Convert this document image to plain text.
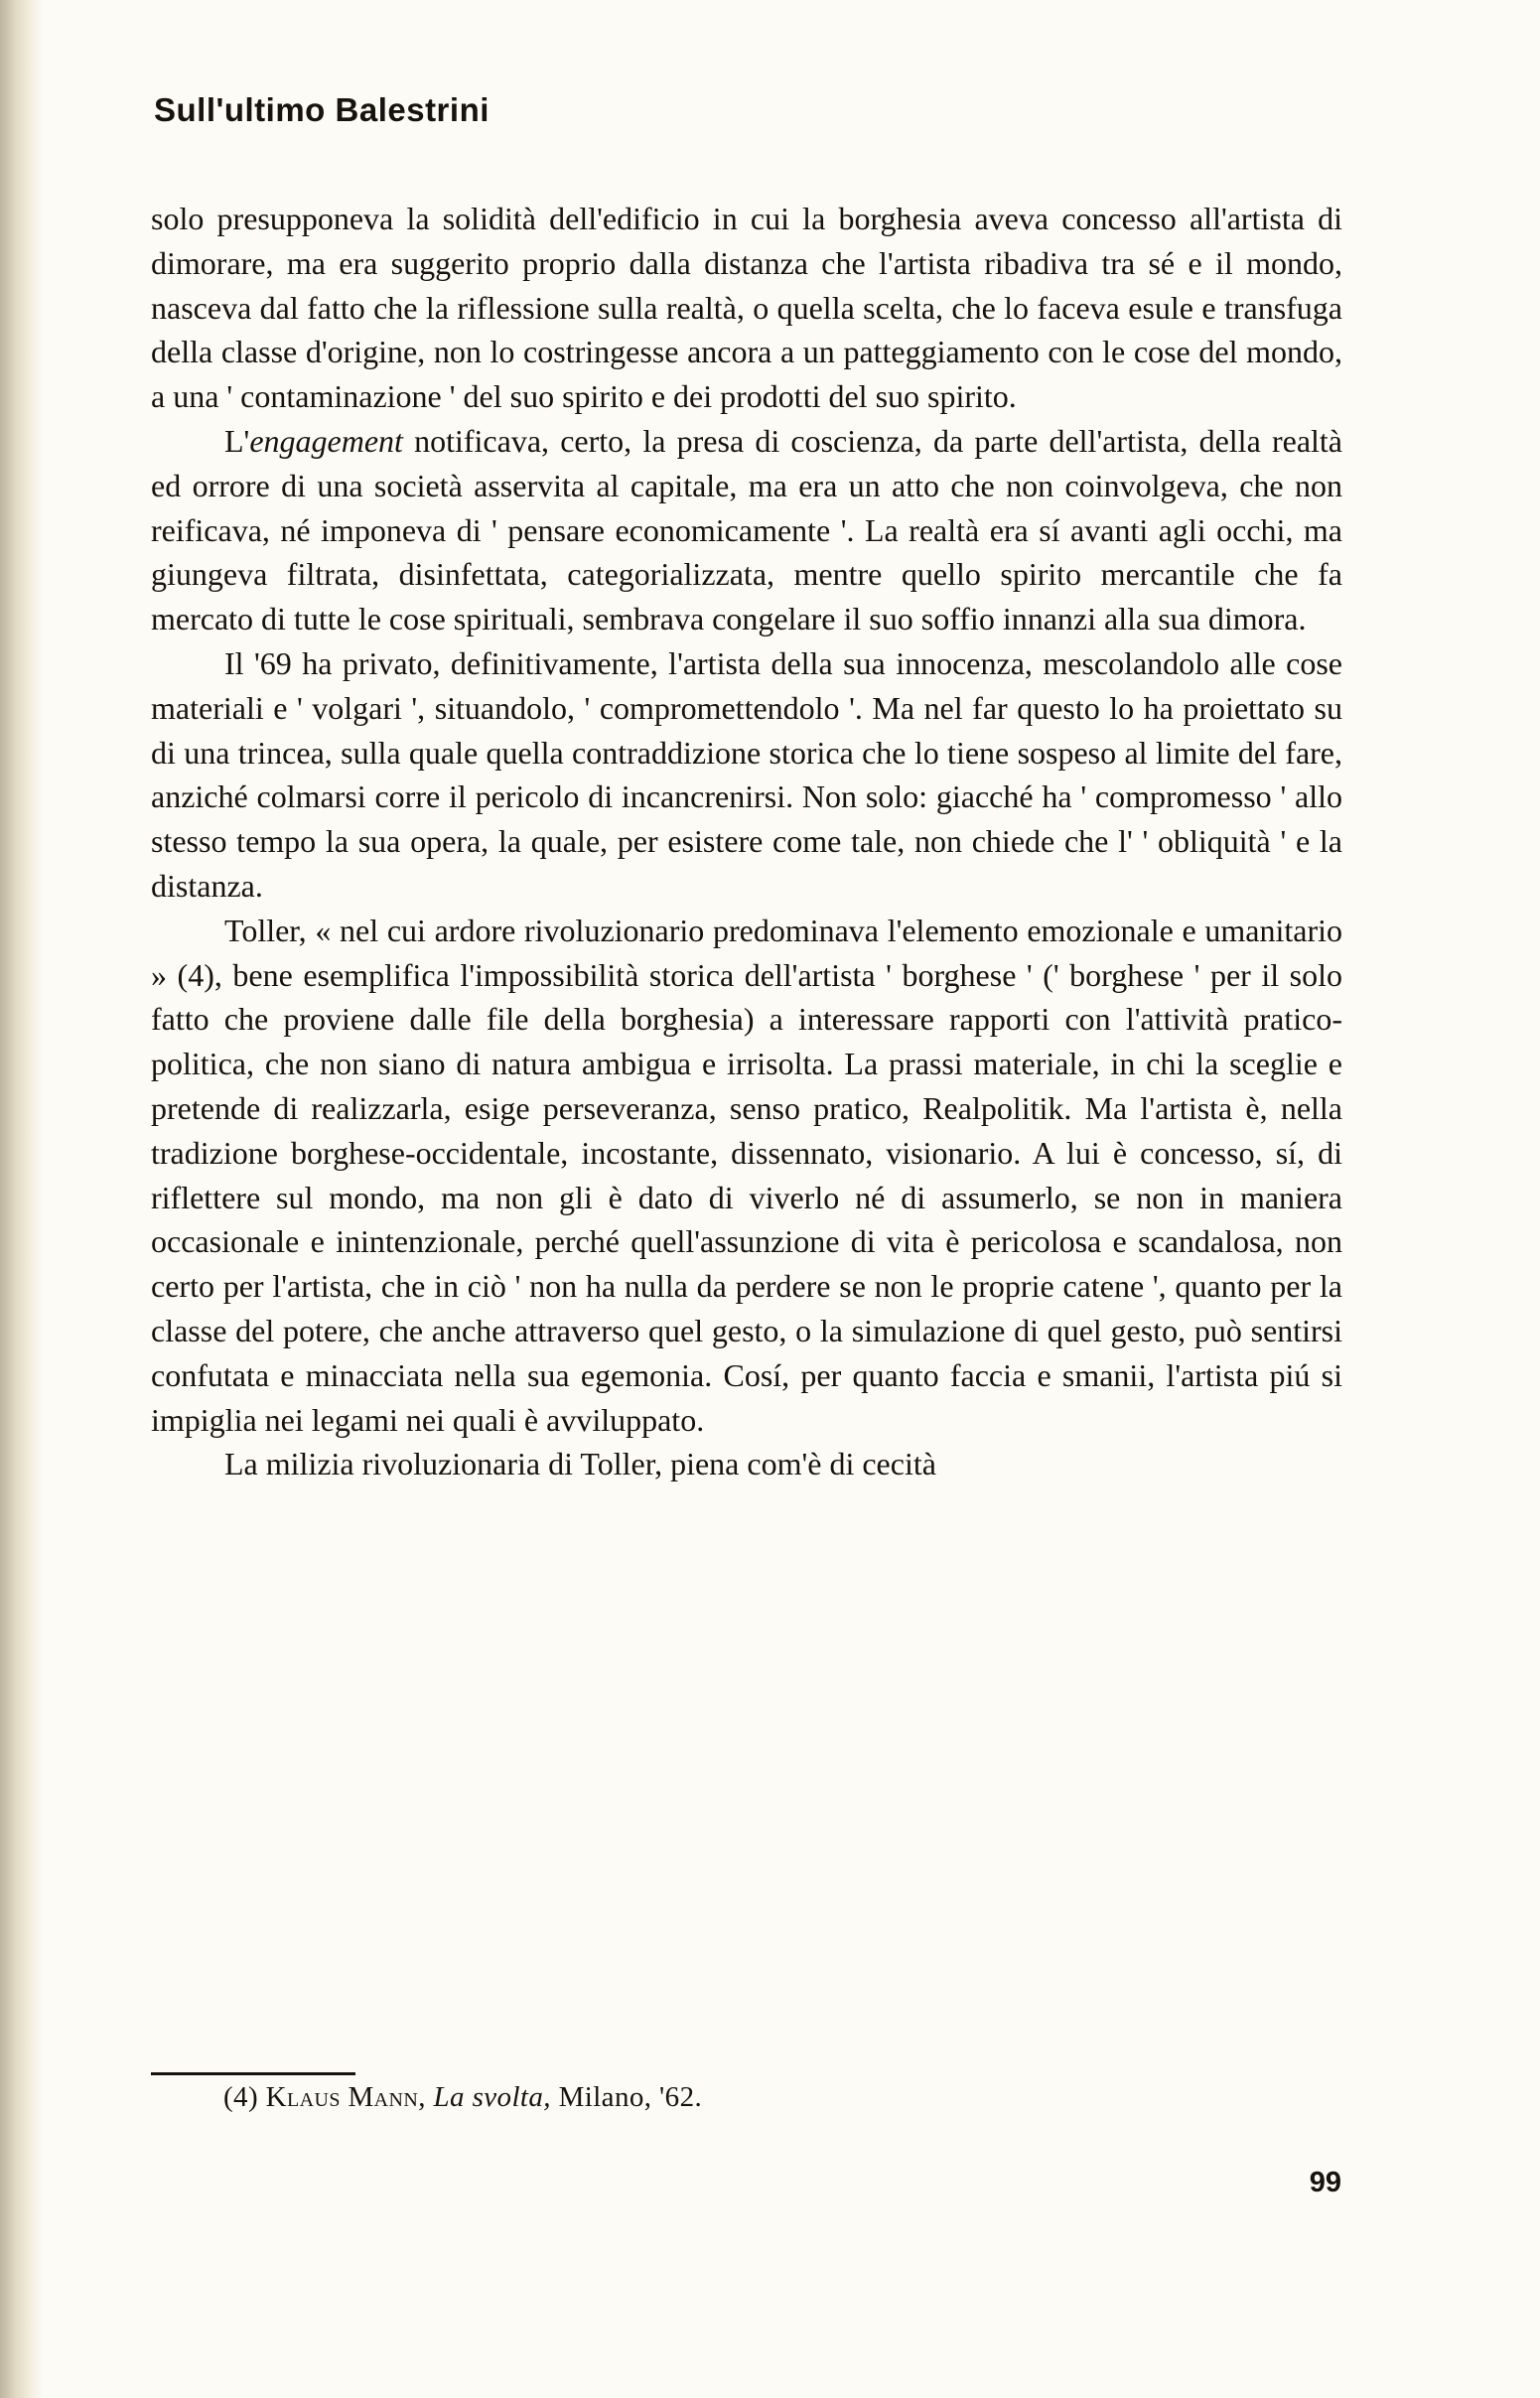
Sull'ultimo Balestrini

solo presupponeva la solidità dell'edificio in cui la borghesia aveva concesso all'artista di dimorare, ma era suggerito proprio dalla distanza che l'artista ribadiva tra sé e il mondo, nasceva dal fatto che la riflessione sulla realtà, o quella scelta, che lo faceva esule e transfuga della classe d'origine, non lo costringesse ancora a un patteggiamento con le cose del mondo, a una ' contaminazione ' del suo spirito e dei prodotti del suo spirito.

L'engagement notificava, certo, la presa di coscienza, da parte dell'artista, della realtà ed orrore di una società asservita al capitale, ma era un atto che non coinvolgeva, che non reificava, né imponeva di ' pensare economicamente '. La realtà era sí avanti agli occhi, ma giungeva filtrata, disinfettata, categorializzata, mentre quello spirito mercantile che fa mercato di tutte le cose spirituali, sembrava congelare il suo soffio innanzi alla sua dimora.

Il '69 ha privato, definitivamente, l'artista della sua innocenza, mescolandolo alle cose materiali e ' volgari ', situandolo, ' compromettendolo '. Ma nel far questo lo ha proiettato su di una trincea, sulla quale quella contraddizione storica che lo tiene sospeso al limite del fare, anziché colmarsi corre il pericolo di incancrenirsi. Non solo: giacché ha ' compromesso ' allo stesso tempo la sua opera, la quale, per esistere come tale, non chiede che l' ' obliquità ' e la distanza.

Toller, « nel cui ardore rivoluzionario predominava l'elemento emozionale e umanitario » (4), bene esemplifica l'impossibilità storica dell'artista ' borghese ' (' borghese ' per il solo fatto che proviene dalle file della borghesia) a interessare rapporti con l'attività pratico-politica, che non siano di natura ambigua e irrisolta. La prassi materiale, in chi la sceglie e pretende di realizzarla, esige perseveranza, senso pratico, Realpolitik. Ma l'artista è, nella tradizione borghese-occidentale, incostante, dissennato, visionario. A lui è concesso, sí, di riflettere sul mondo, ma non gli è dato di viverlo né di assumerlo, se non in maniera occasionale e inintenzionale, perché quell'assunzione di vita è pericolosa e scandalosa, non certo per l'artista, che in ciò ' non ha nulla da perdere se non le proprie catene ', quanto per la classe del potere, che anche attraverso quel gesto, o la simulazione di quel gesto, può sentirsi confutata e minacciata nella sua egemonia. Cosí, per quanto faccia e smanii, l'artista piú si impiglia nei legami nei quali è avviluppato.

La milizia rivoluzionaria di Toller, piena com'è di cecità

(4) Klaus Mann, La svolta, Milano, '62.
99
